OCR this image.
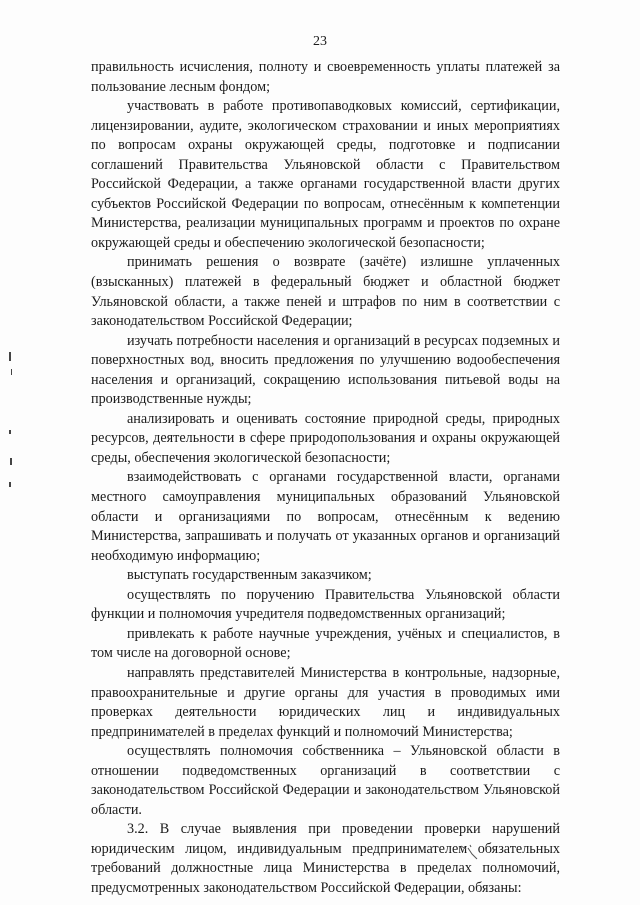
23

правильность исчисления, полноту и своевременность уплаты платежей за пользование лесным фондом;

участвовать в работе противопаводковых комиссий, сертификации, лицензировании, аудите, экологическом страховании и иных мероприятиях по вопросам охраны окружающей среды, подготовке и подписании соглашений Правительства Ульяновской области с Правительством Российской Федерации, а также органами государственной власти других субъектов Российской Федерации по вопросам, отнесённым к компетенции Министерства, реализации муниципальных программ и проектов по охране окружающей среды и обеспечению экологической безопасности;

принимать решения о возврате (зачёте) излишне уплаченных (взысканных) платежей в федеральный бюджет и областной бюджет Ульяновской области, а также пеней и штрафов по ним в соответствии с законодательством Российской Федерации;

изучать потребности населения и организаций в ресурсах подземных и поверхностных вод, вносить предложения по улучшению водообеспечения населения и организаций, сокращению использования питьевой воды на производственные нужды;

анализировать и оценивать состояние природной среды, природных ресурсов, деятельности в сфере природопользования и охраны окружающей среды, обеспечения экологической безопасности;

взаимодействовать с органами государственной власти, органами местного самоуправления муниципальных образований Ульяновской области и организациями по вопросам, отнесённым к ведению Министерства, запрашивать и получать от указанных органов и организаций необходимую информацию;

выступать государственным заказчиком;

осуществлять по поручению Правительства Ульяновской области функции и полномочия учредителя подведомственных организаций;

привлекать к работе научные учреждения, учёных и специалистов, в том числе на договорной основе;

направлять представителей Министерства в контрольные, надзорные, правоохранительные и другие органы для участия в проводимых ими проверках деятельности юридических лиц и индивидуальных предпринимателей в пределах функций и полномочий Министерства;

осуществлять полномочия собственника – Ульяновской области в отношении подведомственных организаций в соответствии с законодательством Российской Федерации и законодательством Ульяновской области.

3.2. В случае выявления при проведении проверки нарушений юридическим лицом, индивидуальным предпринимателем обязательных требований должностные лица Министерства в пределах полномочий, предусмотренных законодательством Российской Федерации, обязаны:
